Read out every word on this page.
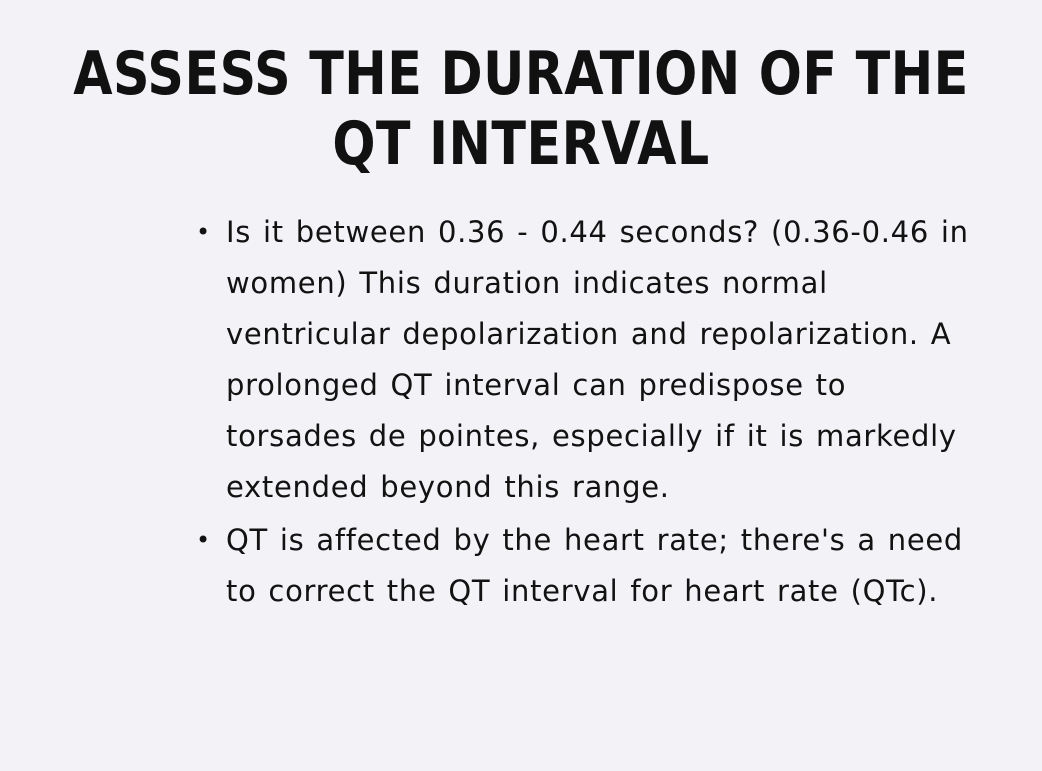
ASSESS THE DURATION OF THE QT INTERVAL
• Is it between 0.36 - 0.44 seconds? (0.36-0.46 in women) This duration indicates normal ventricular depolarization and repolarization. A prolonged QT interval can predispose to torsades de pointes, especially if it is markedly extended beyond this range.
• QT is affected by the heart rate; there's a need to correct the QT interval for heart rate (QTc).
